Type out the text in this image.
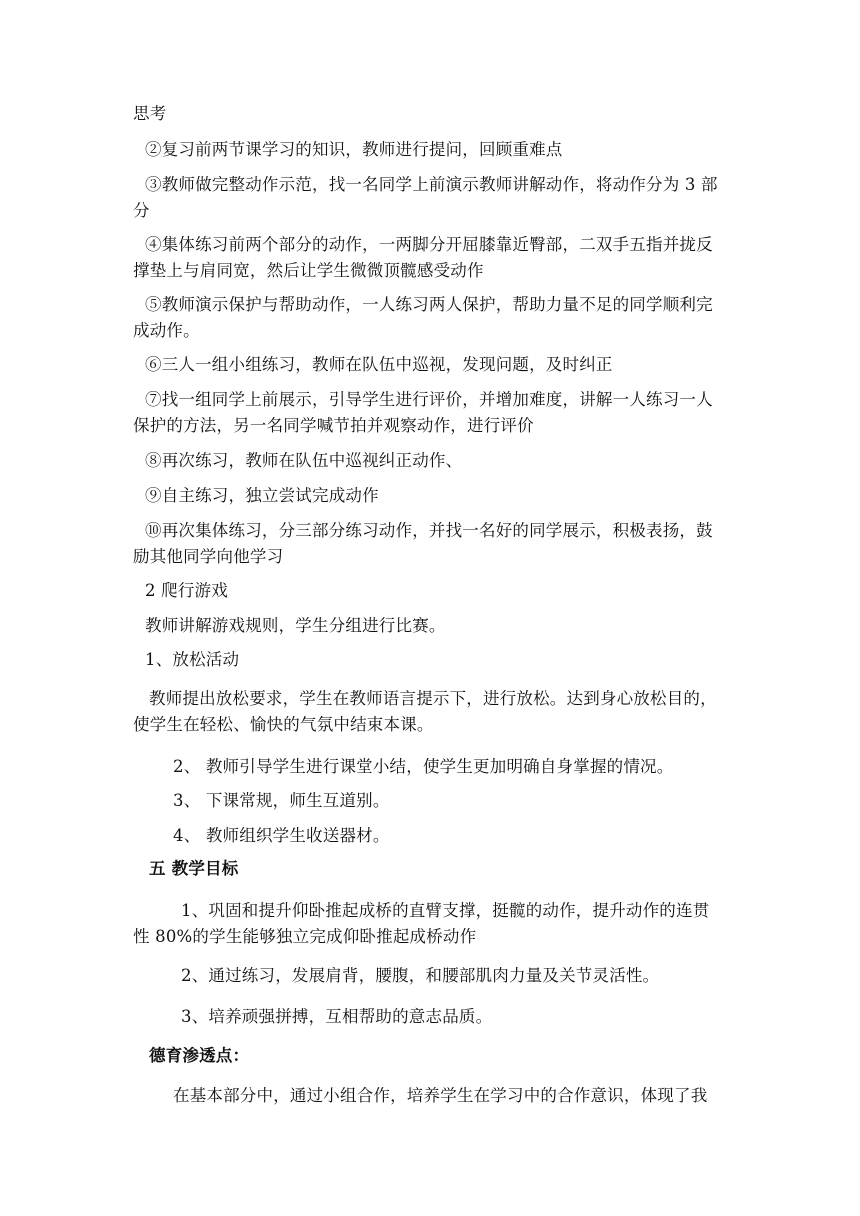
思考
②复习前两节课学习的知识，教师进行提问，回顾重难点
③教师做完整动作示范，找一名同学上前演示教师讲解动作，将动作分为 3 部
分
④集体练习前两个部分的动作，一两脚分开屈膝靠近臀部，二双手五指并拢反
撑垫上与肩同宽，然后让学生微微顶髋感受动作
⑤教师演示保护与帮助动作，一人练习两人保护，帮助力量不足的同学顺利完
成动作。
⑥三人一组小组练习，教师在队伍中巡视，发现问题，及时纠正
⑦找一组同学上前展示，引导学生进行评价，并增加难度，讲解一人练习一人
保护的方法，另一名同学喊节拍并观察动作，进行评价
⑧再次练习，教师在队伍中巡视纠正动作、
⑨自主练习，独立尝试完成动作
⑩再次集体练习，分三部分练习动作，并找一名好的同学展示，积极表扬，鼓
励其他同学向他学习
2 爬行游戏
教师讲解游戏规则，学生分组进行比赛。
1、放松活动
教师提出放松要求，学生在教师语言提示下，进行放松。达到身心放松目的，
使学生在轻松、愉快的气氛中结束本课。
2、 教师引导学生进行课堂小结，使学生更加明确自身掌握的情况。
3、 下课常规，师生互道别。
4、 教师组织学生收送器材。
五 教学目标
1、巩固和提升仰卧推起成桥的直臂支撑，挺髋的动作，提升动作的连贯
性 80%的学生能够独立完成仰卧推起成桥动作
2、通过练习，发展肩背，腰腹，和腰部肌肉力量及关节灵活性。
3、培养顽强拼搏，互相帮助的意志品质。
德育渗透点：
在基本部分中，通过小组合作，培养学生在学习中的合作意识，体现了我
